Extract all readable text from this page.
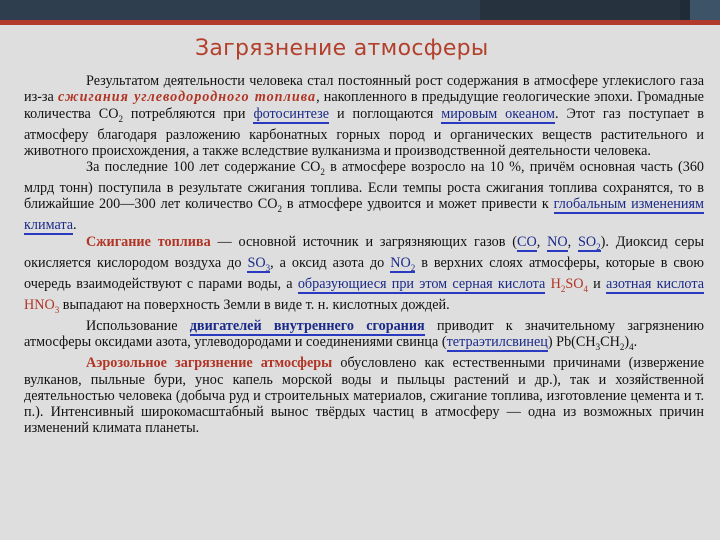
Загрязнение атмосферы

Результатом деятельности человека стал постоянный рост содержания в атмосфере углекислого газа из-за сжигания углеводородного топлива, накопленного в предыдущие геологические эпохи. Громадные количества $СО_2$ потребляются при фотосинтезе и поглощаются мировым океаном. Этот газ поступает в атмосферу благодаря разложению карбонатных горных пород и органических веществ растительного и животного происхождения, а также вследствие вулканизма и производственной деятельности человека.

За последние 100 лет содержание $СО_2$ в атмосфере возросло на 10 %, причём основная часть (360 млрд тонн) поступила в результате сжигания топлива. Если темпы роста сжигания топлива сохранятся, то в ближайшие 200—300 лет количество $СО_2$ в атмосфере удвоится и может привести к глобальным изменениям климата.

Сжигание топлива — основной источник и загрязняющих газов (CO, NO, $SO_2$). Диоксид серы окисляется кислородом воздуха до $SO_3$, а оксид азота до $NO_2$ в верхних слоях атмосферы, которые в свою очередь взаимодействуют с парами воды, а образующиеся при этом серная кислота $H_2SO_4$ и азотная кислота $HNO_3$ выпадают на поверхность Земли в виде т. н. кислотных дождей.

Использование двигателей внутреннего сгорания приводит к значительному загрязнению атмосферы оксидами азота, углеводородами и соединениями свинца (тетраэтилсвинец) $Pb(CH_3CH_2)_4$.

Аэрозольное загрязнение атмосферы обусловлено как естественными причинами (извержение вулканов, пыльные бури, унос капель морской воды и пыльцы растений и др.), так и хозяйственной деятельностью человека (добыча руд и строительных материалов, сжигание топлива, изготовление цемента и т. п.). Интенсивный широкомасштабный вынос твёрдых частиц в атмосферу — одна из возможных причин изменений климата планеты.
